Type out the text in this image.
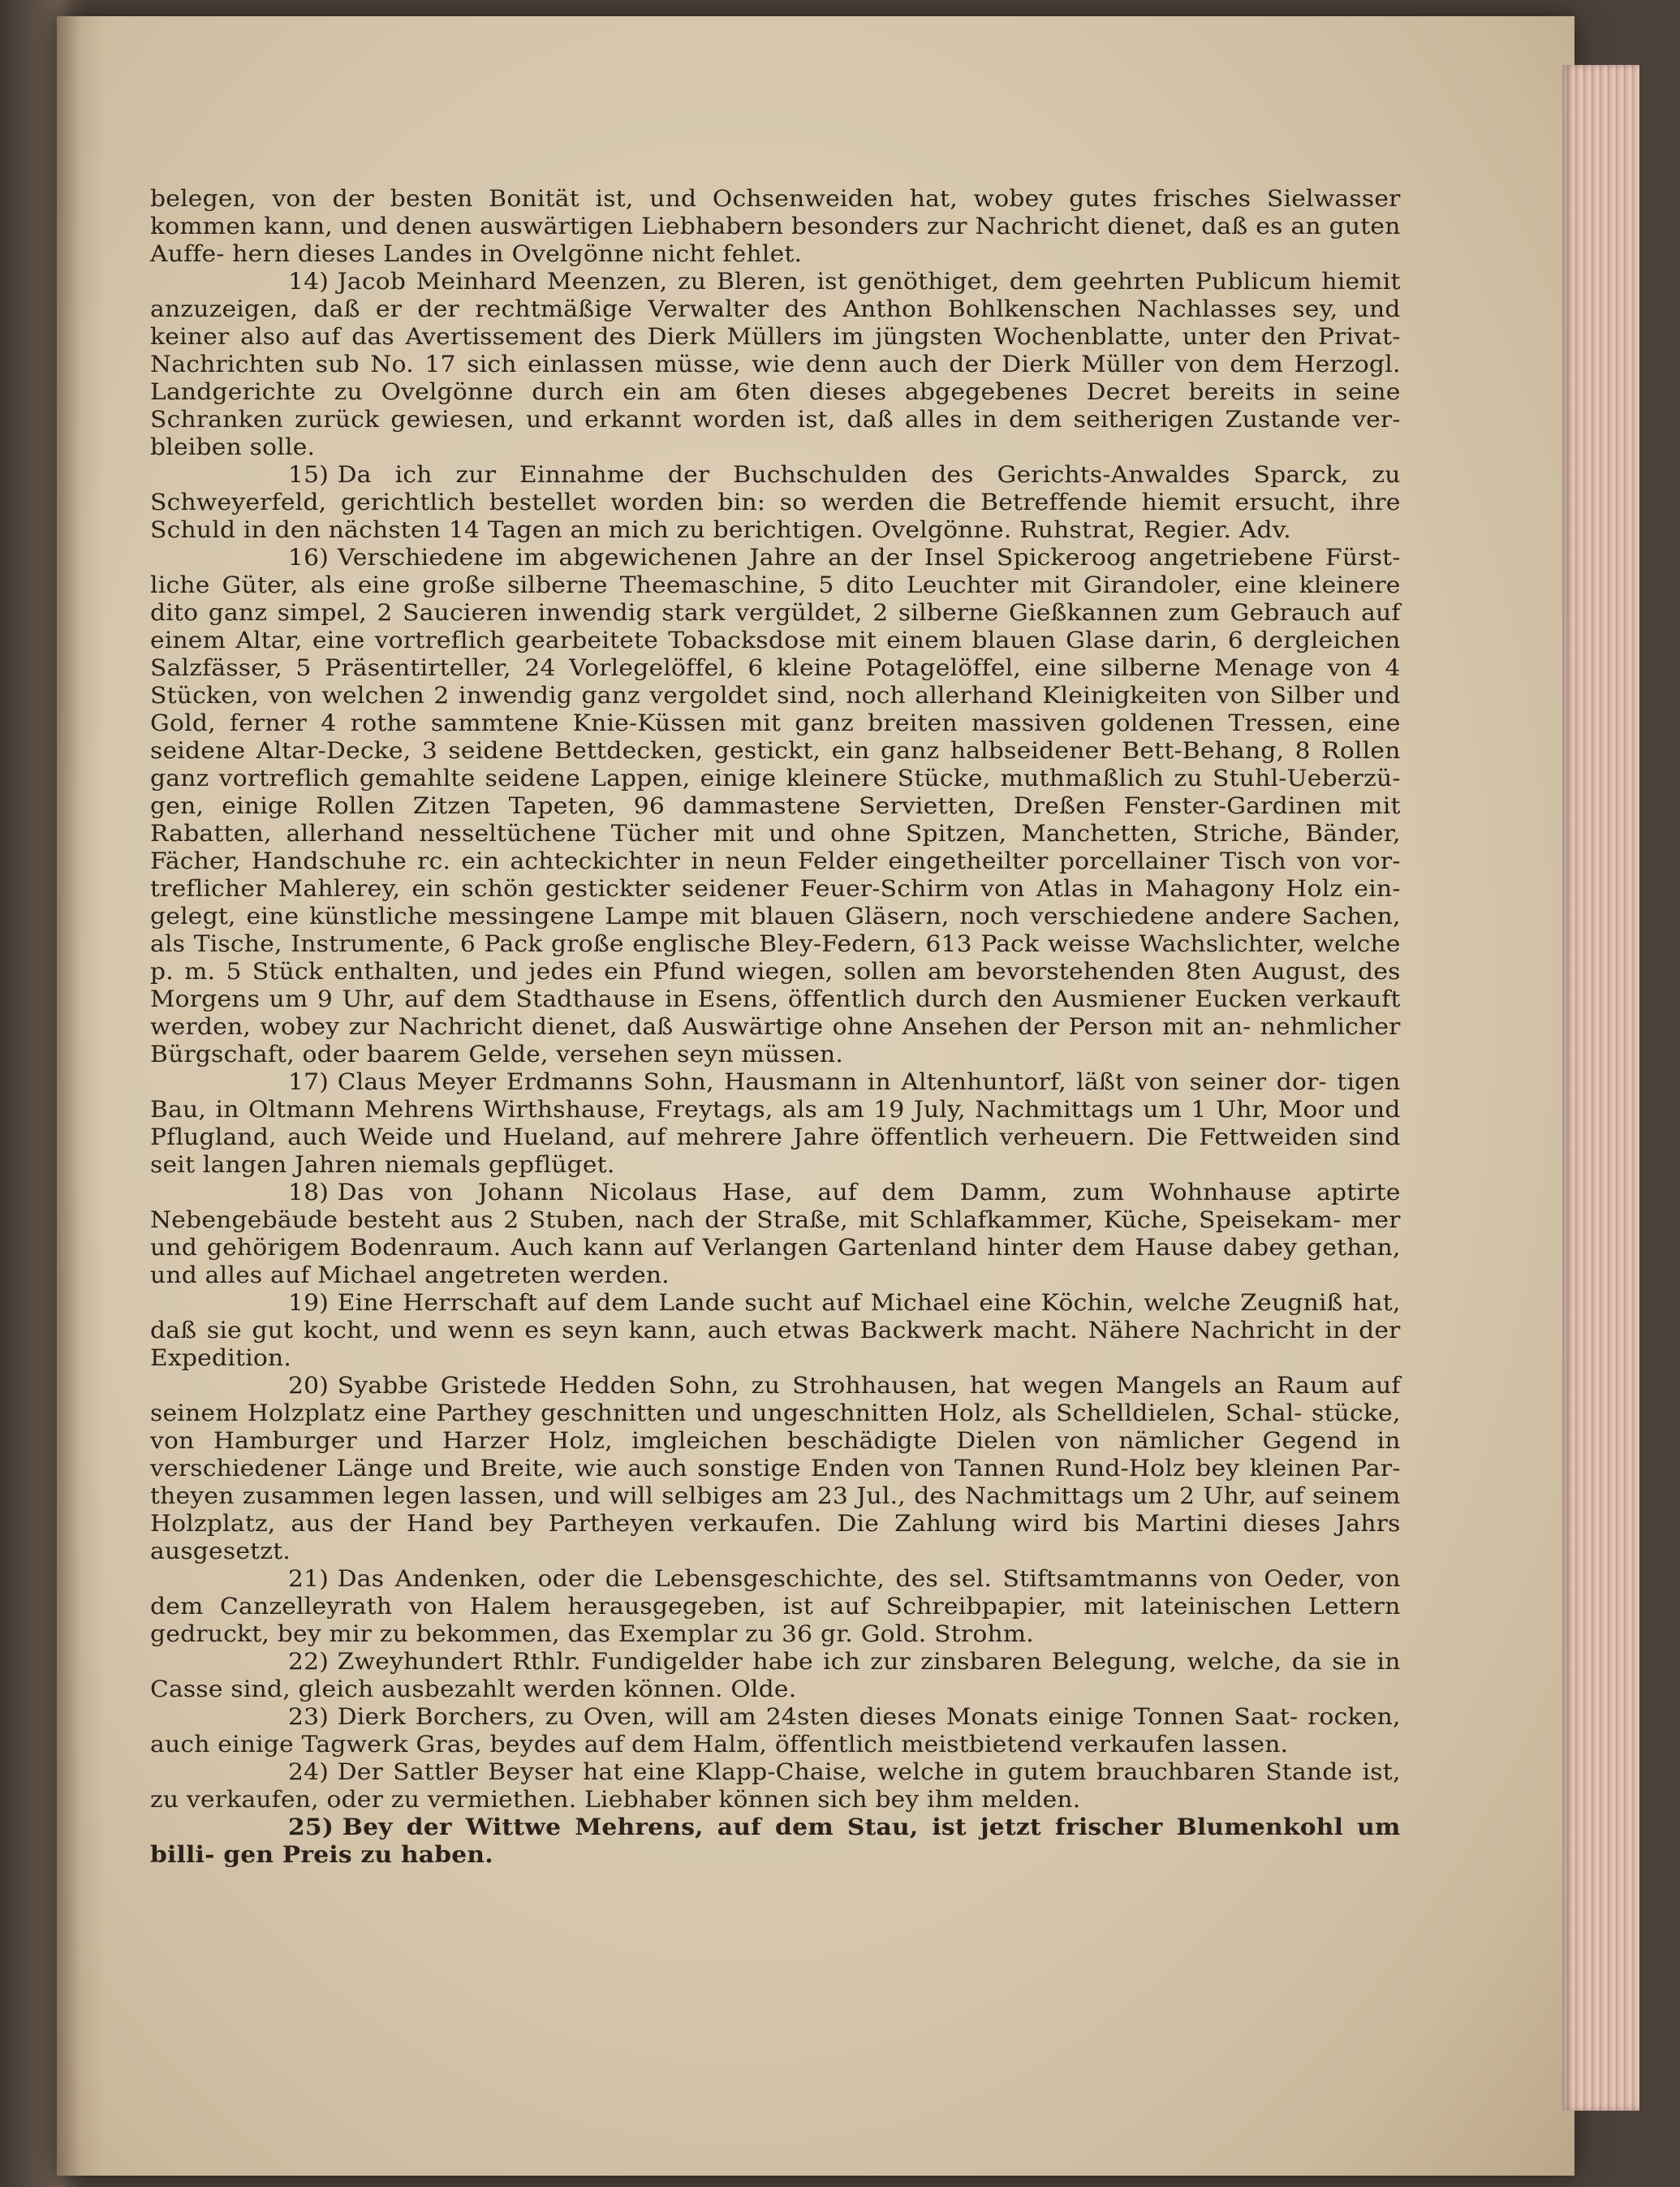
belegen, von der besten Bonität ist, und Ochsenweiden hat, wobey gutes frisches Sielwasser kommen kann, und denen auswärtigen Liebhabern besonders zur Nachricht dienet, daß es an guten Auffe- hern dieses Landes in Ovelgönne nicht fehlet.

14) Jacob Meinhard Meenzen, zu Bleren, ist genöthiget, dem geehrten Publicum hiemit anzuzeigen, daß er der rechtmäßige Verwalter des Anthon Bohlkenschen Nachlasses sey, und keiner also auf das Avertissement des Dierk Müllers im jüngsten Wochenblatte, unter den Privat-Nachrichten sub No. 17 sich einlassen müsse, wie denn auch der Dierk Müller von dem Herzogl. Landgerichte zu Ovelgönne durch ein am 6ten dieses abgegebenes Decret bereits in seine Schranken zurück gewiesen, und erkannt worden ist, daß alles in dem seitherigen Zustande ver- bleiben solle.

15) Da ich zur Einnahme der Buchschulden des Gerichts-Anwaldes Sparck, zu Schweyerfeld, gerichtlich bestellet worden bin: so werden die Betreffende hiemit ersucht, ihre Schuld in den nächsten 14 Tagen an mich zu berichtigen. Ovelgönne. Ruhstrat, Regier. Adv.

16) Verschiedene im abgewichenen Jahre an der Insel Spickeroog angetriebene Fürst- liche Güter, als eine große silberne Theemaschine, 5 dito Leuchter mit Girandoler, eine kleinere dito ganz simpel, 2 Saucieren inwendig stark vergüldet, 2 silberne Gießkannen zum Gebrauch auf einem Altar, eine vortreflich gearbeitete Tobacksdose mit einem blauen Glase darin, 6 dergleichen Salzfässer, 5 Präsentirteller, 24 Vorlegelöffel, 6 kleine Potagelöffel, eine silberne Menage von 4 Stücken, von welchen 2 inwendig ganz vergoldet sind, noch allerhand Kleinigkeiten von Silber und Gold, ferner 4 rothe sammtene Knie-Küssen mit ganz breiten massiven goldenen Tressen, eine seidene Altar-Decke, 3 seidene Bettdecken, gestickt, ein ganz halbseidener Bett-Behang, 8 Rollen ganz vortreflich gemahlte seidene Lappen, einige kleinere Stücke, muthmaßlich zu Stuhl-Ueberzü- gen, einige Rollen Zitzen Tapeten, 96 dammastene Servietten, Dreßen Fenster-Gardinen mit Rabatten, allerhand nesseltüchene Tücher mit und ohne Spitzen, Manchetten, Striche, Bänder, Fächer, Handschuhe rc. ein achteckichter in neun Felder eingetheilter porcellainer Tisch von vor- treflicher Mahlerey, ein schön gestickter seidener Feuer-Schirm von Atlas in Mahagony Holz ein- gelegt, eine künstliche messingene Lampe mit blauen Gläsern, noch verschiedene andere Sachen, als Tische, Instrumente, 6 Pack große englische Bley-Federn, 613 Pack weisse Wachslichter, welche p. m. 5 Stück enthalten, und jedes ein Pfund wiegen, sollen am bevorstehenden 8ten August, des Morgens um 9 Uhr, auf dem Stadthause in Esens, öffentlich durch den Ausmiener Eucken verkauft werden, wobey zur Nachricht dienet, daß Auswärtige ohne Ansehen der Person mit an- nehmlicher Bürgschaft, oder baarem Gelde, versehen seyn müssen.

17) Claus Meyer Erdmanns Sohn, Hausmann in Altenhuntorf, läßt von seiner dor- tigen Bau, in Oltmann Mehrens Wirthshause, Freytags, als am 19 July, Nachmittags um 1 Uhr, Moor und Pflugland, auch Weide und Hueland, auf mehrere Jahre öffentlich verheuern. Die Fettweiden sind seit langen Jahren niemals gepflüget.

18) Das von Johann Nicolaus Hase, auf dem Damm, zum Wohnhause aptirte Nebengebäude besteht aus 2 Stuben, nach der Straße, mit Schlafkammer, Küche, Speisekam- mer und gehörigem Bodenraum. Auch kann auf Verlangen Gartenland hinter dem Hause dabey gethan, und alles auf Michael angetreten werden.

19) Eine Herrschaft auf dem Lande sucht auf Michael eine Köchin, welche Zeugniß hat, daß sie gut kocht, und wenn es seyn kann, auch etwas Backwerk macht. Nähere Nachricht in der Expedition.

20) Syabbe Gristede Hedden Sohn, zu Strohhausen, hat wegen Mangels an Raum auf seinem Holzplatz eine Parthey geschnitten und ungeschnitten Holz, als Schelldielen, Schal- stücke, von Hamburger und Harzer Holz, imgleichen beschädigte Dielen von nämlicher Gegend in verschiedener Länge und Breite, wie auch sonstige Enden von Tannen Rund-Holz bey kleinen Par- theyen zusammen legen lassen, und will selbiges am 23 Jul., des Nachmittags um 2 Uhr, auf seinem Holzplatz, aus der Hand bey Partheyen verkaufen. Die Zahlung wird bis Martini dieses Jahrs ausgesetzt.

21) Das Andenken, oder die Lebensgeschichte, des sel. Stiftsamtmanns von Oeder, von dem Canzelleyrath von Halem herausgegeben, ist auf Schreibpapier, mit lateinischen Lettern gedruckt, bey mir zu bekommen, das Exemplar zu 36 gr. Gold. Strohm.

22) Zweyhundert Rthlr. Fundigelder habe ich zur zinsbaren Belegung, welche, da sie in Casse sind, gleich ausbezahlt werden können. Olde.

23) Dierk Borchers, zu Oven, will am 24sten dieses Monats einige Tonnen Saat- rocken, auch einige Tagwerk Gras, beydes auf dem Halm, öffentlich meistbietend verkaufen lassen.

24) Der Sattler Beyser hat eine Klapp-Chaise, welche in gutem brauchbaren Stande ist, zu verkaufen, oder zu vermiethen. Liebhaber können sich bey ihm melden.

25) Bey der Wittwe Mehrens, auf dem Stau, ist jetzt frischer Blumenkohl um billi- gen Preis zu haben.
